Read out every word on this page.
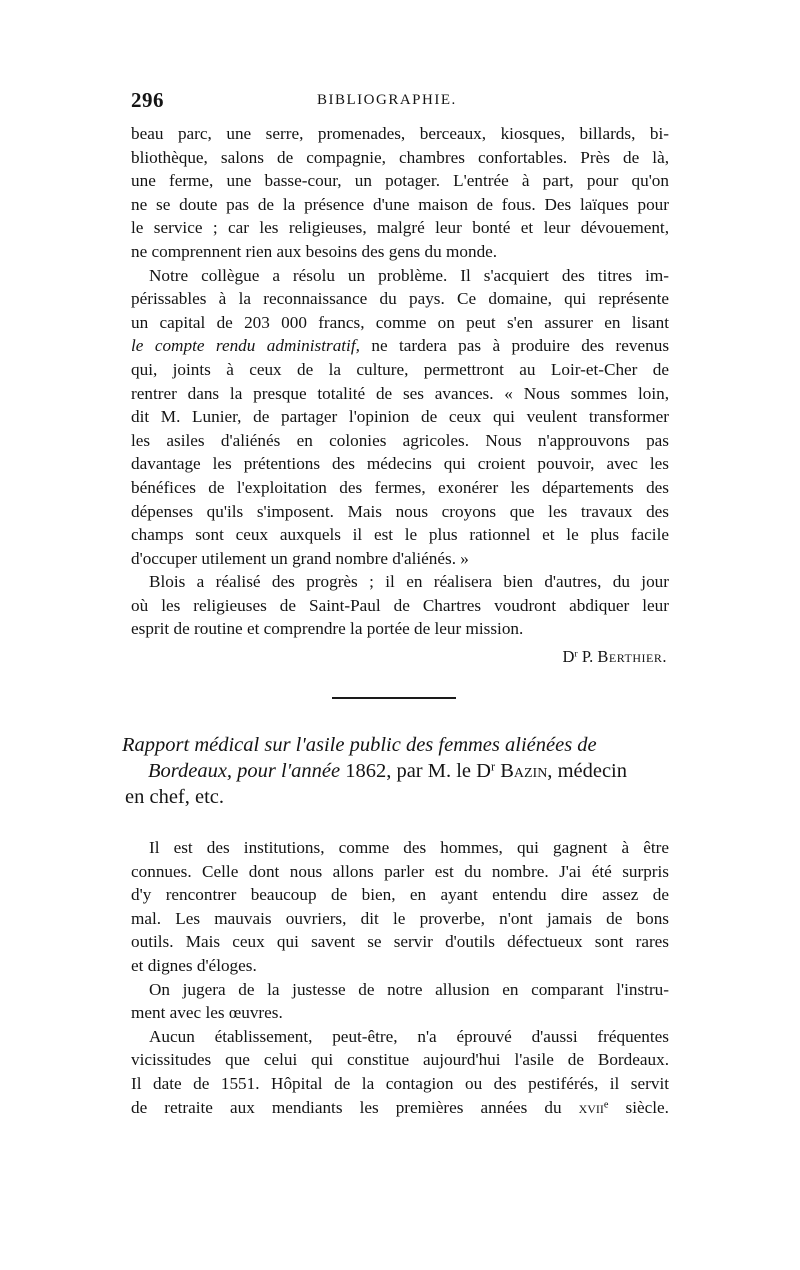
296	BIBLIOGRAPHIE.

beau parc, une serre, promenades, berceaux, kiosques, billards, bi-
bliothèque, salons de compagnie, chambres confortables. Près de là,
une ferme, une basse-cour, un potager. L'entrée à part, pour qu'on
ne se doute pas de la présence d'une maison de fous. Des laïques pour
le service ; car les religieuses, malgré leur bonté et leur dévouement,
ne comprennent rien aux besoins des gens du monde.

Notre collègue a résolu un problème. Il s'acquiert des titres im-
périssables à la reconnaissance du pays. Ce domaine, qui représente
un capital de 203 000 francs, comme on peut s'en assurer en lisant
le compte rendu administratif, ne tardera pas à produire des revenus
qui, joints à ceux de la culture, permettront au Loir-et-Cher de
rentrer dans la presque totalité de ses avances. « Nous sommes loin,
dit M. Lunier, de partager l'opinion de ceux qui veulent transformer
les asiles d'aliénés en colonies agricoles. Nous n'approuvons pas
davantage les prétentions des médecins qui croient pouvoir, avec les
bénéfices de l'exploitation des fermes, exonérer les départements des
dépenses qu'ils s'imposent. Mais nous croyons que les travaux des
champs sont ceux auxquels il est le plus rationnel et le plus facile
d'occuper utilement un grand nombre d'aliénés. »

Blois a réalisé des progrès ; il en réalisera bien d'autres, du jour
où les religieuses de Saint-Paul de Chartres voudront abdiquer leur
esprit de routine et comprendre la portée de leur mission.

$D^r$ P. Berthier.
Rapport médical sur l'asile public des femmes aliénées de
Bordeaux, pour l'année 1862, par M. le $D^r$ Bazin, médecin
en chef, etc.

Il est des institutions, comme des hommes, qui gagnent à être
connues. Celle dont nous allons parler est du nombre. J'ai été surpris
d'y rencontrer beaucoup de bien, en ayant entendu dire assez de
mal. Les mauvais ouvriers, dit le proverbe, n'ont jamais de bons
outils. Mais ceux qui savent se servir d'outils défectueux sont rares
et dignes d'éloges.

On jugera de la justesse de notre allusion en comparant l'instru-
ment avec les œuvres.

Aucun établissement, peut-être, n'a éprouvé d'aussi fréquentes
vicissitudes que celui qui constitue aujourd'hui l'asile de Bordeaux.
Il date de 1551. Hôpital de la contagion ou des pestiférés, il servit
de retraite aux mendiants les premières années du xvii$^e$ siècle.
